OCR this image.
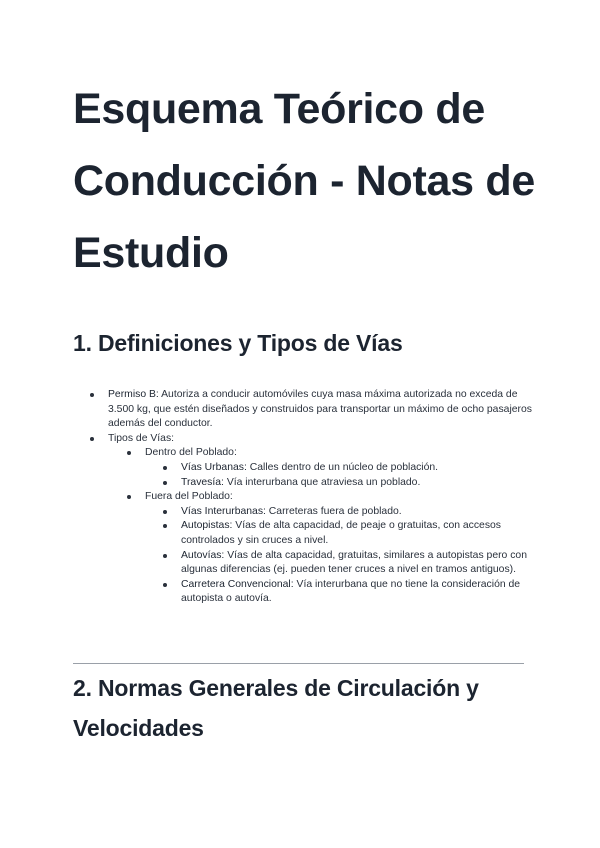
Esquema Teórico de Conducción - Notas de Estudio
1. Definiciones y Tipos de Vías
Permiso B: Autoriza a conducir automóviles cuya masa máxima autorizada no exceda de 3.500 kg, que estén diseñados y construidos para transportar un máximo de ocho pasajeros además del conductor.
Tipos de Vías:
Dentro del Poblado:
Vías Urbanas: Calles dentro de un núcleo de población.
Travesía: Vía interurbana que atraviesa un poblado.
Fuera del Poblado:
Vías Interurbanas: Carreteras fuera de poblado.
Autopistas: Vías de alta capacidad, de peaje o gratuitas, con accesos controlados y sin cruces a nivel.
Autovías: Vías de alta capacidad, gratuitas, similares a autopistas pero con algunas diferencias (ej. pueden tener cruces a nivel en tramos antiguos).
Carretera Convencional: Vía interurbana que no tiene la consideración de autopista o autovía.
2. Normas Generales de Circulación y Velocidades
